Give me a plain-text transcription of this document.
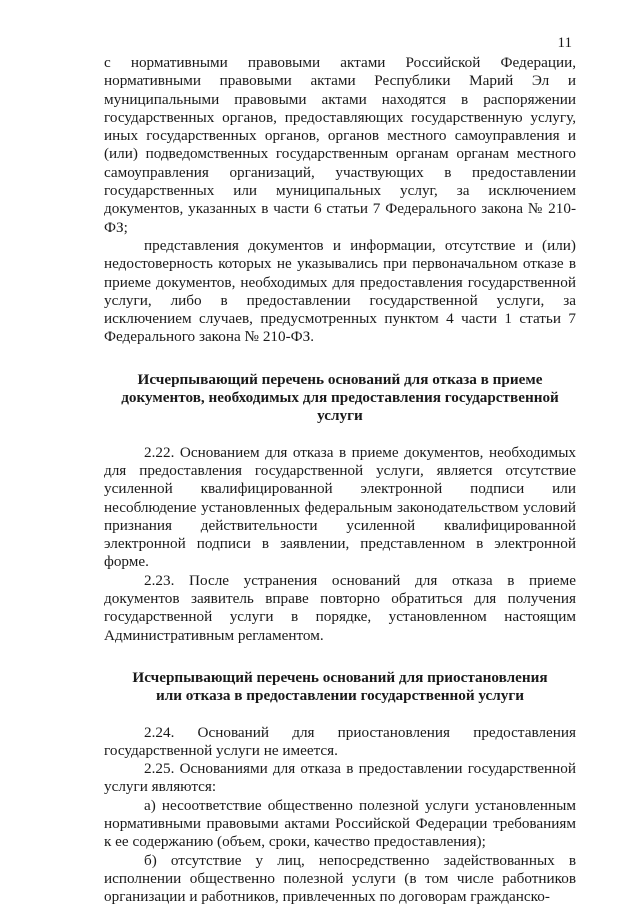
11

с нормативными правовыми актами Российской Федерации, нормативными правовыми актами Республики Марий Эл и муниципальными правовыми актами находятся в распоряжении государственных органов, предоставляющих государственную услугу, иных государственных органов, органов местного самоуправления и (или) подведомственных государственным органам органам местного самоуправления организаций, участвующих в предоставлении государственных или муниципальных услуг, за исключением документов, указанных в части 6 статьи 7 Федерального закона № 210-ФЗ;

представления документов и информации, отсутствие и (или) недостоверность которых не указывались при первоначальном отказе в приеме документов, необходимых для предоставления государственной услуги, либо в предоставлении государственной услуги, за исключением случаев, предусмотренных пунктом 4 части 1 статьи 7 Федерального закона № 210-ФЗ.

Исчерпывающий перечень оснований для отказа в приеме документов, необходимых для предоставления государственной услуги

2.22. Основанием для отказа в приеме документов, необходимых для предоставления государственной услуги, является отсутствие усиленной квалифицированной электронной подписи или несоблюдение установленных федеральным законодательством условий признания действительности усиленной квалифицированной электронной подписи в заявлении, представленном в электронной форме.

2.23. После устранения оснований для отказа в приеме документов заявитель вправе повторно обратиться для получения государственной услуги в порядке, установленном настоящим Административным регламентом.

Исчерпывающий перечень оснований для приостановления или отказа в предоставлении государственной услуги

2.24. Оснований для приостановления предоставления государственной услуги не имеется.

2.25. Основаниями для отказа в предоставлении государственной услуги являются:

а) несоответствие общественно полезной услуги установленным нормативными правовыми актами Российской Федерации требованиям к ее содержанию (объем, сроки, качество предоставления);

б) отсутствие у лиц, непосредственно задействованных в исполнении общественно полезной услуги (в том числе работников организации и работников, привлеченных по договорам гражданско-
